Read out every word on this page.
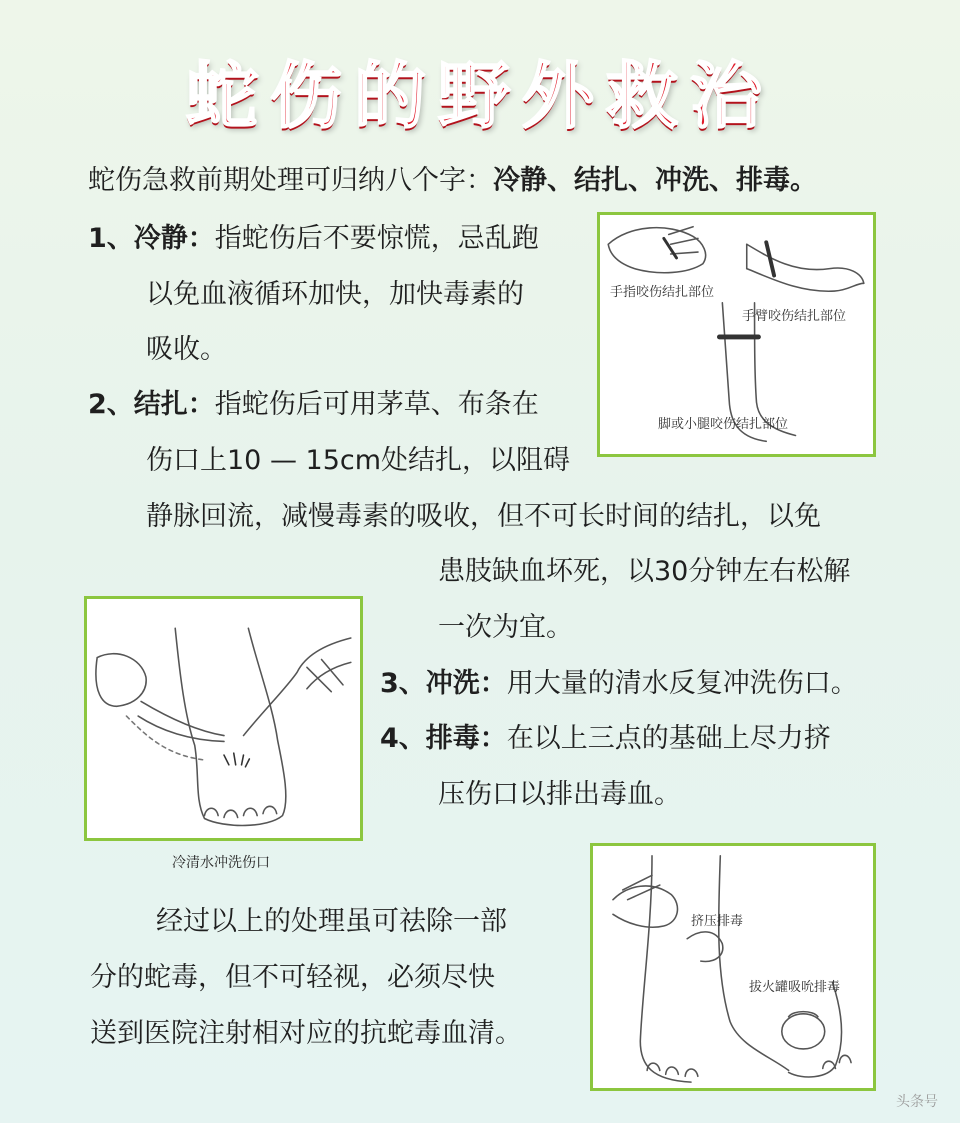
蛇伤的野外救治
蛇伤急救前期处理可归纳八个字：冷静、结扎、冲洗、排毒。
1、冷静：指蛇伤后不要惊慌，忌乱跑
以免血液循环加快，加快毒素的
吸收。
2、结扎：指蛇伤后可用茅草、布条在
伤口上10 — 15cm处结扎，以阻碍
静脉回流，减慢毒素的吸收，但不可长时间的结扎，以免
患肢缺血坏死，以30分钟左右松解
一次为宜。
3、冲洗：用大量的清水反复冲洗伤口。
4、排毒：在以上三点的基础上尽力挤
压伤口以排出毒血。
手指咬伤结扎部位
手臂咬伤结扎部位
脚或小腿咬伤结扎部位
冷清水冲洗伤口
经过以上的处理虽可祛除一部
分的蛇毒，但不可轻视，必须尽快
送到医院注射相对应的抗蛇毒血清。
挤压排毒
拔火罐吸吮排毒
头条号
